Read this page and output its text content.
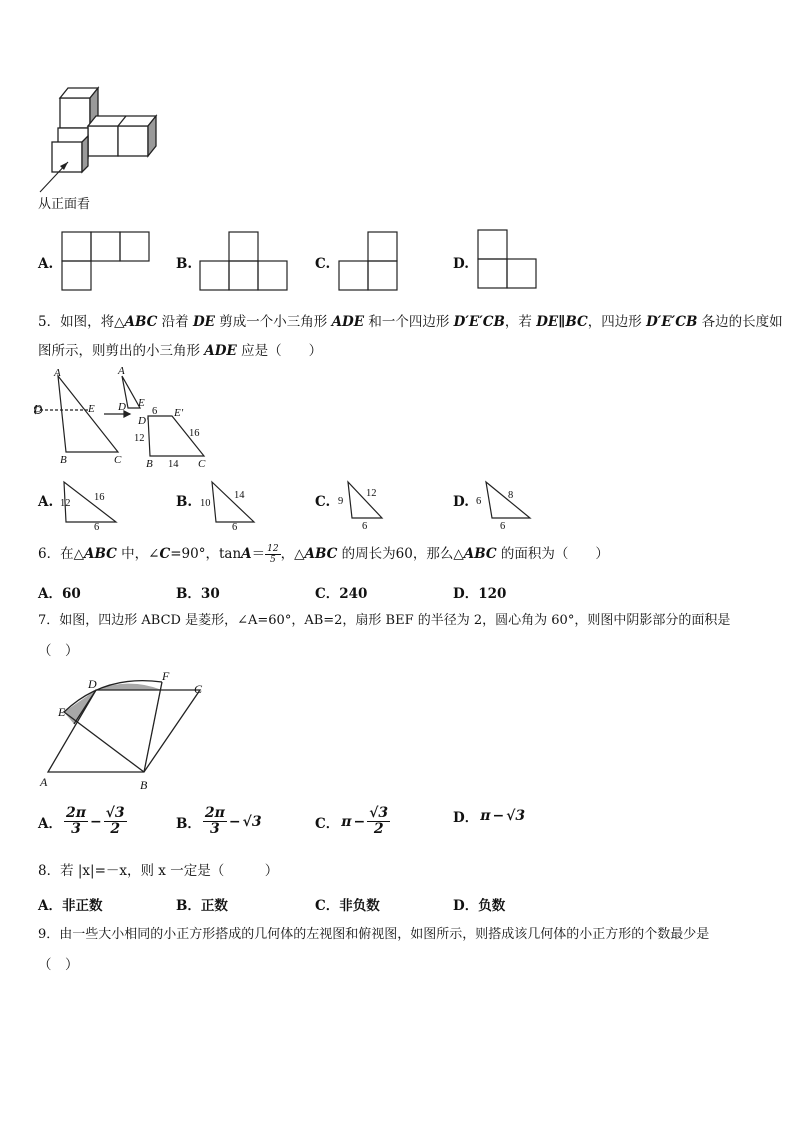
从正面看
A.	B.	C.	D.
5．如图，将△ABC 沿着 DE 剪成一个小三角形 ADE 和一个四边形 D′E′CB，若 DE∥BC，四边形 D′E′CB 各边的长度如
图所示，则剪出的小三角形 ADE 应是（　　）
A
D	E
B	C
A
D E
D′
E′
B	C
6
12
14
16
A. 12
16
6
B. 10
14
6
C. 9
12
6
D. 6
8
6
6．在△ABC 中，∠C=90°，$\tan A= \frac{12}{5}$ ，△ABC 的周长为60，那么△ABC 的面积为（　　）
A．60	B．30	C．240	D．120
7．如图，四边形 ABCD 是菱形，∠A=60°，AB=2，扇形 BEF 的半径为 2，圆心角为 60°，则图中阴影部分的面积是
（　）
A	B
C
D
E
F
A． $\frac{2\pi}{3} - \frac{√3}{2}$	B． $\frac{2\pi}{3} - √3$	C． $\pi - \frac{√3}{2}$	D． π − √3
8．若 |x|=－x，则 x 一定是（　　　）
A．非正数	B．正数	C．非负数	D．负数
9．由一些大小相同的小正方形搭成的几何体的左视图和俯视图，如图所示，则搭成该几何体的小正方形的个数最少是
（　）
